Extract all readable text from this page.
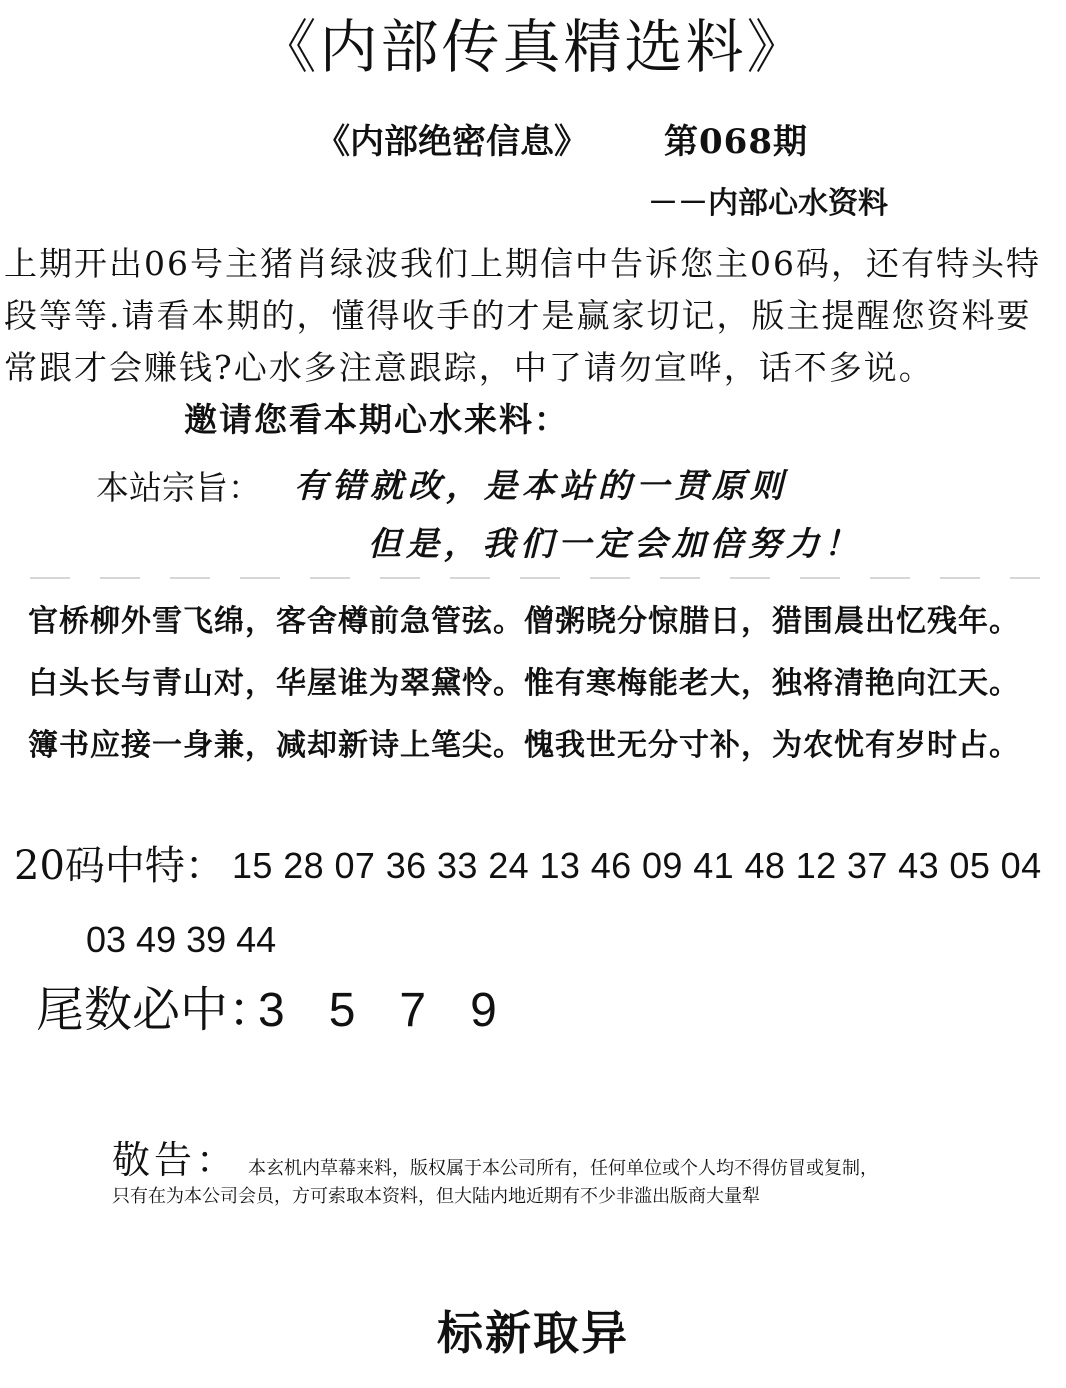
《内部传真精选料》
《内部绝密信息》 第068期
－－内部心水资料
上期开出06号主猪肖绿波我们上期信中告诉您主06码，还有特头特段等等.请看本期的，懂得收手的才是赢家切记，版主提醒您资料要常跟才会赚钱?心水多注意跟踪，中了请勿宣哗，话不多说。邀请您看本期心水来料：
本站宗旨： 有错就改，是本站的一贯原则
但是，我们一定会加倍努力！
官桥柳外雪飞绵，客舍樽前急管弦。僧粥晓分惊腊日，猎围晨出忆残年。
白头长与青山对，华屋谁为翠黛怜。惟有寒梅能老大，独将清艳向江天。
簿书应接一身兼，减却新诗上笔尖。愧我世无分寸补，为农忧有岁时占。
20码中特： 15 28 07 36 33 24 13 46 09 41 48 12 37 43 05 04
03 49 39 44
尾数必中：
3   5   7   9
敬告： 本玄机内草幕来料，版权属于本公司所有，任何单位或个人均不得仿冒或复制，
只有在为本公司会员，方可索取本资料，但大陆内地近期有不少非滥出版商大量犁
标新取异
